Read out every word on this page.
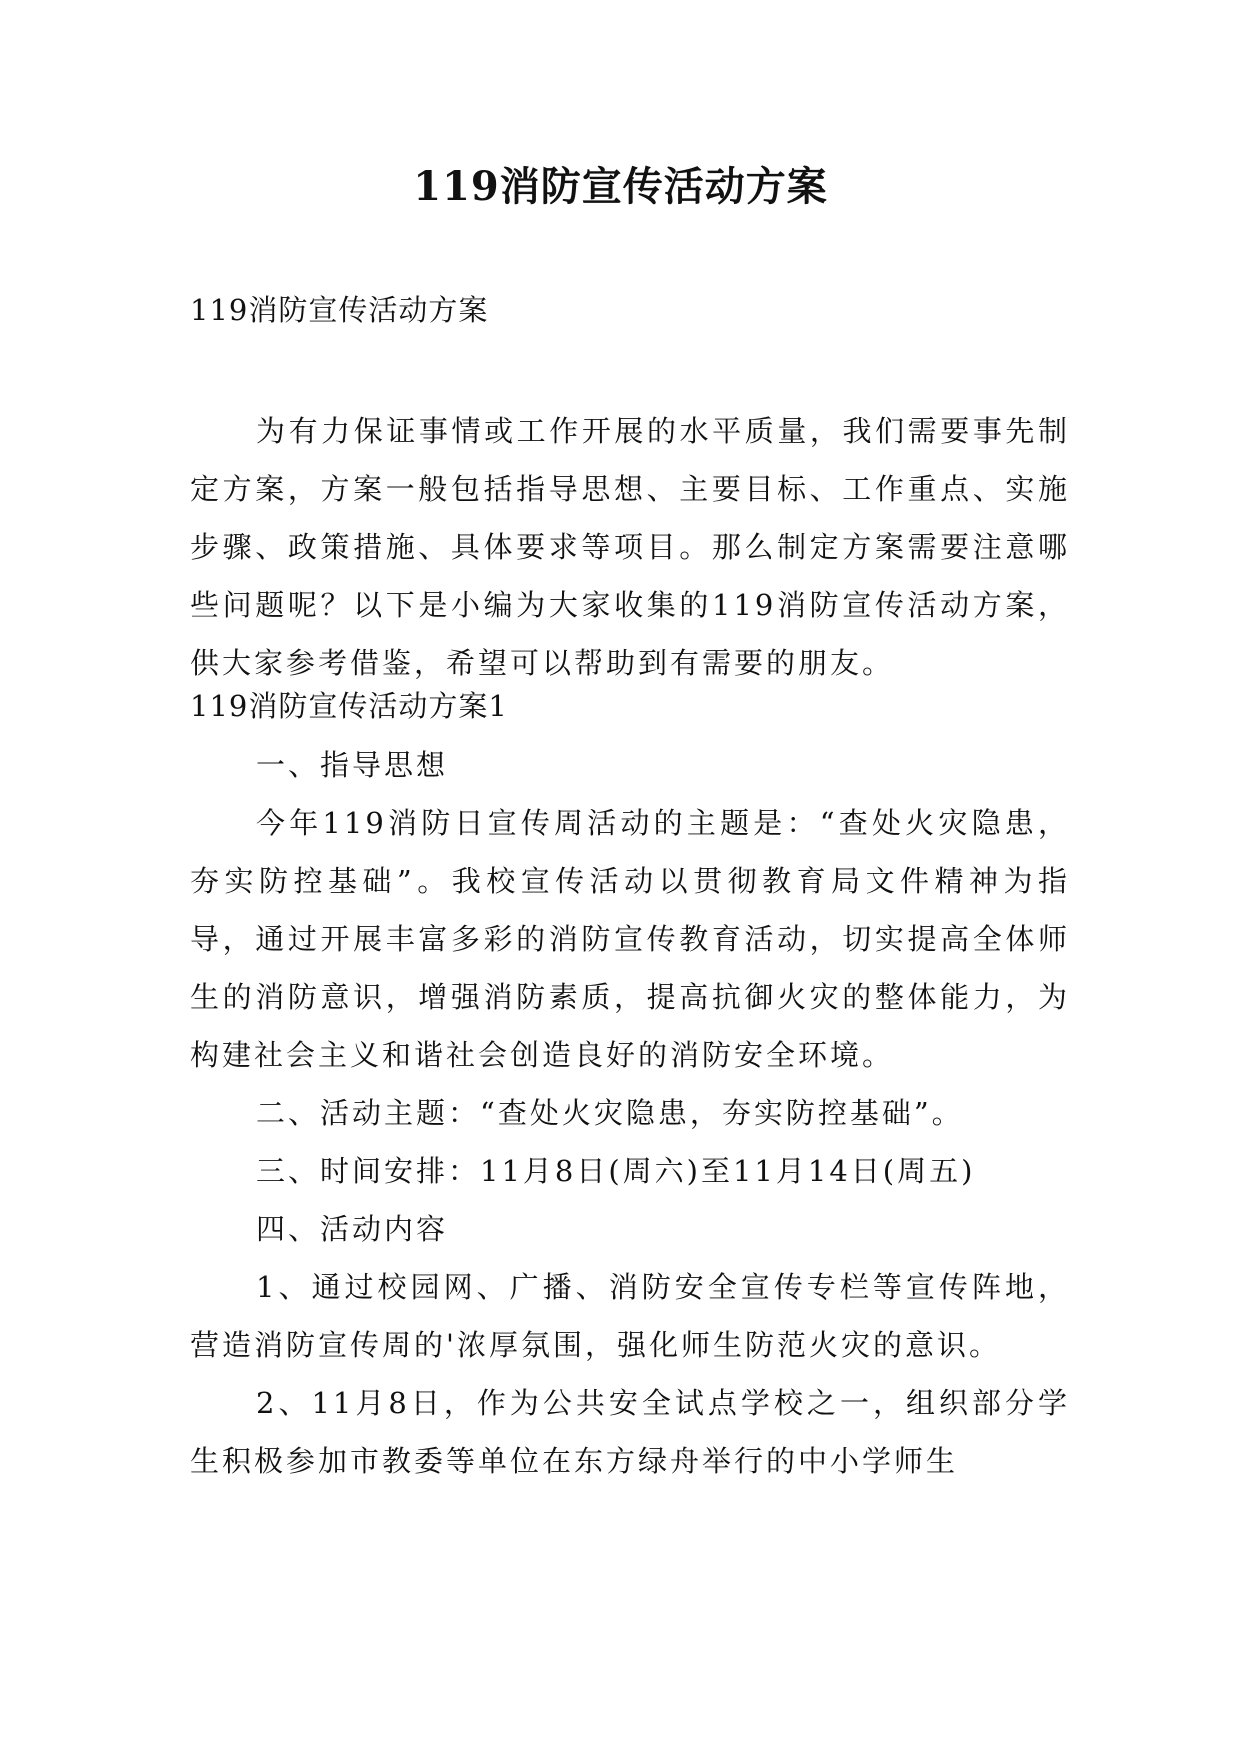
119消防宣传活动方案
119消防宣传活动方案

为有力保证事情或工作开展的水平质量，我们需要事先制定方案，方案一般包括指导思想、主要目标、工作重点、实施步骤、政策措施、具体要求等项目。那么制定方案需要注意哪些问题呢？以下是小编为大家收集的119消防宣传活动方案，供大家参考借鉴，希望可以帮助到有需要的朋友。

119消防宣传活动方案1

一、指导思想

今年119消防日宣传周活动的主题是：“查处火灾隐患，夯实防控基础”。我校宣传活动以贯彻教育局文件精神为指导，通过开展丰富多彩的消防宣传教育活动，切实提高全体师生的消防意识，增强消防素质，提高抗御火灾的整体能力，为构建社会主义和谐社会创造良好的消防安全环境。

二、活动主题：“查处火灾隐患，夯实防控基础”。

三、时间安排：11月8日(周六)至11月14日(周五)

四、活动内容

1、通过校园网、广播、消防安全宣传专栏等宣传阵地，营造消防宣传周的'浓厚氛围，强化师生防范火灾的意识。

2、11月8日，作为公共安全试点学校之一，组织部分学生积极参加市教委等单位在东方绿舟举行的中小学师生
